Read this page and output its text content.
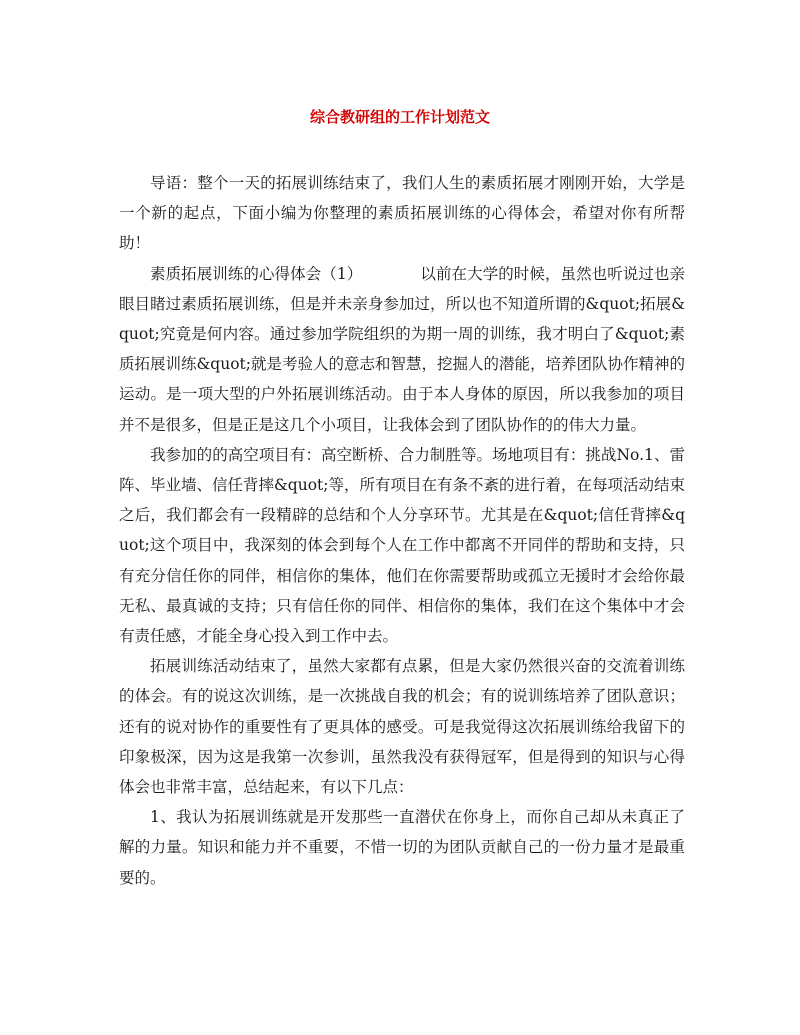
综合教研组的工作计划范文

导语：整个一天的拓展训练结束了，我们人生的素质拓展才刚刚开始，大学是一个新的起点，下面小编为你整理的素质拓展训练的心得体会，希望对你有所帮助！

素质拓展训练的心得体会（1）	以前在大学的时候，虽然也听说过也亲眼目睹过素质拓展训练，但是并未亲身参加过，所以也不知道所谓的&quot;拓展&quot;究竟是何内容。通过参加学院组织的为期一周的训练，我才明白了&quot;素质拓展训练&quot;就是考验人的意志和智慧，挖掘人的潜能，培养团队协作精神的运动。是一项大型的户外拓展训练活动。由于本人身体的原因，所以我参加的项目并不是很多，但是正是这几个小项目，让我体会到了团队协作的的伟大力量。

我参加的的高空项目有：高空断桥、合力制胜等。场地项目有：挑战No.1、雷阵、毕业墙、信任背摔&quot;等，所有项目在有条不紊的进行着，在每项活动结束之后，我们都会有一段精辟的总结和个人分享环节。尤其是在&quot;信任背摔&quot;这个项目中，我深刻的体会到每个人在工作中都离不开同伴的帮助和支持，只有充分信任你的同伴，相信你的集体，他们在你需要帮助或孤立无援时才会给你最无私、最真诚的支持；只有信任你的同伴、相信你的集体，我们在这个集体中才会有责任感，才能全身心投入到工作中去。

拓展训练活动结束了，虽然大家都有点累，但是大家仍然很兴奋的交流着训练的体会。有的说这次训练，是一次挑战自我的机会；有的说训练培养了团队意识；还有的说对协作的重要性有了更具体的感受。可是我觉得这次拓展训练给我留下的印象极深，因为这是我第一次参训，虽然我没有获得冠军，但是得到的知识与心得体会也非常丰富，总结起来，有以下几点：

1、我认为拓展训练就是开发那些一直潜伏在你身上，而你自己却从未真正了解的力量。知识和能力并不重要，不惜一切的为团队贡献自己的一份力量才是最重要的。
